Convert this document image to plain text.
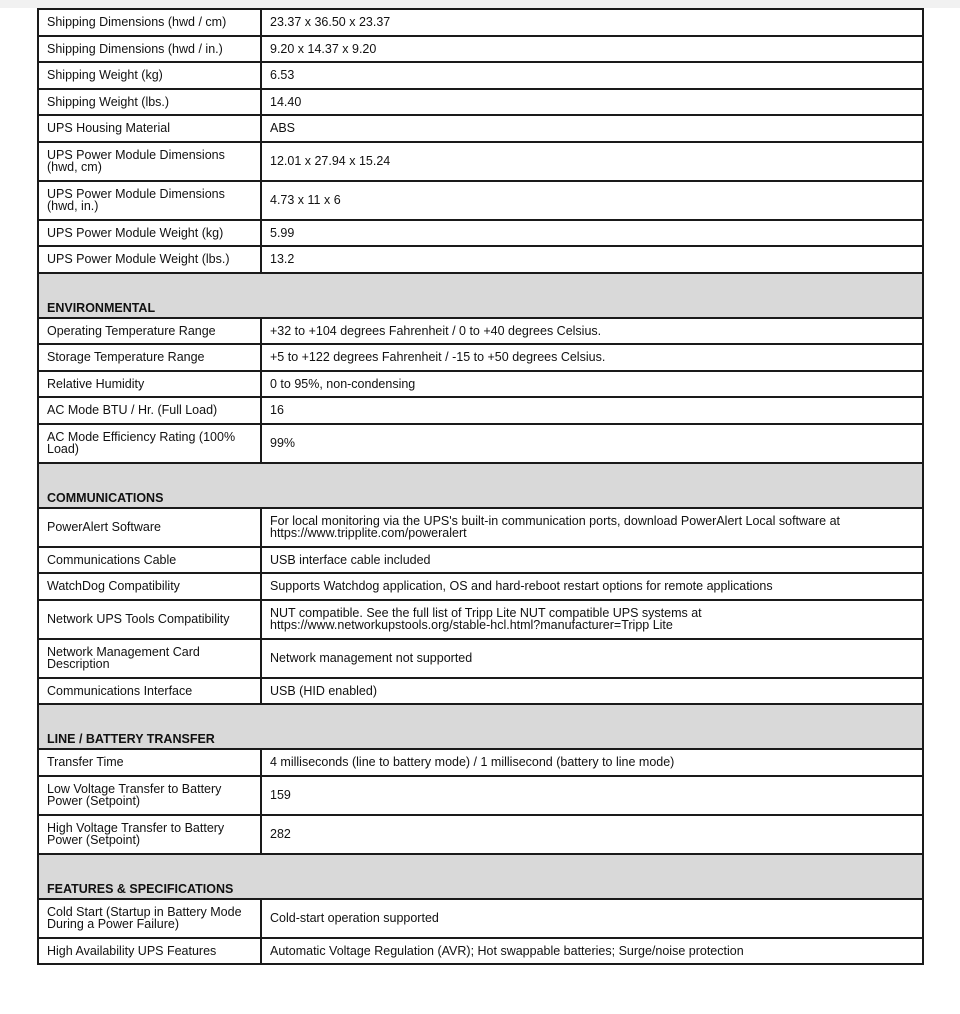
Shipping Dimensions (hwd / cm)	23.37 x 36.50 x 23.37
Shipping Dimensions (hwd / in.)	9.20 x 14.37 x 9.20
Shipping Weight (kg)	6.53
Shipping Weight (lbs.)	14.40
UPS Housing Material	ABS
UPS Power Module Dimensions (hwd, cm)	12.01 x 27.94 x 15.24
UPS Power Module Dimensions (hwd, in.)	4.73 x 11 x 6
UPS Power Module Weight (kg)	5.99
UPS Power Module Weight (lbs.)	13.2
ENVIRONMENTAL	
Operating Temperature Range	+32 to +104 degrees Fahrenheit / 0 to +40 degrees Celsius.
Storage Temperature Range	+5 to +122 degrees Fahrenheit / -15 to +50 degrees Celsius.
Relative Humidity	0 to 95%, non-condensing
AC Mode BTU / Hr. (Full Load)	16
AC Mode Efficiency Rating (100% Load)	99%
COMMUNICATIONS	
PowerAlert Software	For local monitoring via the UPS's built-in communication ports, download PowerAlert Local software at https://www.tripplite.com/poweralert
Communications Cable	USB interface cable included
WatchDog Compatibility	Supports Watchdog application, OS and hard-reboot restart options for remote applications
Network UPS Tools Compatibility	NUT compatible. See the full list of Tripp Lite NUT compatible UPS systems at https://www.networkupstools.org/stable-hcl.html?manufacturer=Tripp Lite
Network Management Card Description	Network management not supported
Communications Interface	USB (HID enabled)
LINE / BATTERY TRANSFER	
Transfer Time	4 milliseconds (line to battery mode) / 1 millisecond (battery to line mode)
Low Voltage Transfer to Battery Power (Setpoint)	159
High Voltage Transfer to Battery Power (Setpoint)	282
FEATURES & SPECIFICATIONS	
Cold Start (Startup in Battery Mode During a Power Failure)	Cold-start operation supported
High Availability UPS Features	Automatic Voltage Regulation (AVR); Hot swappable batteries; Surge/noise protection
